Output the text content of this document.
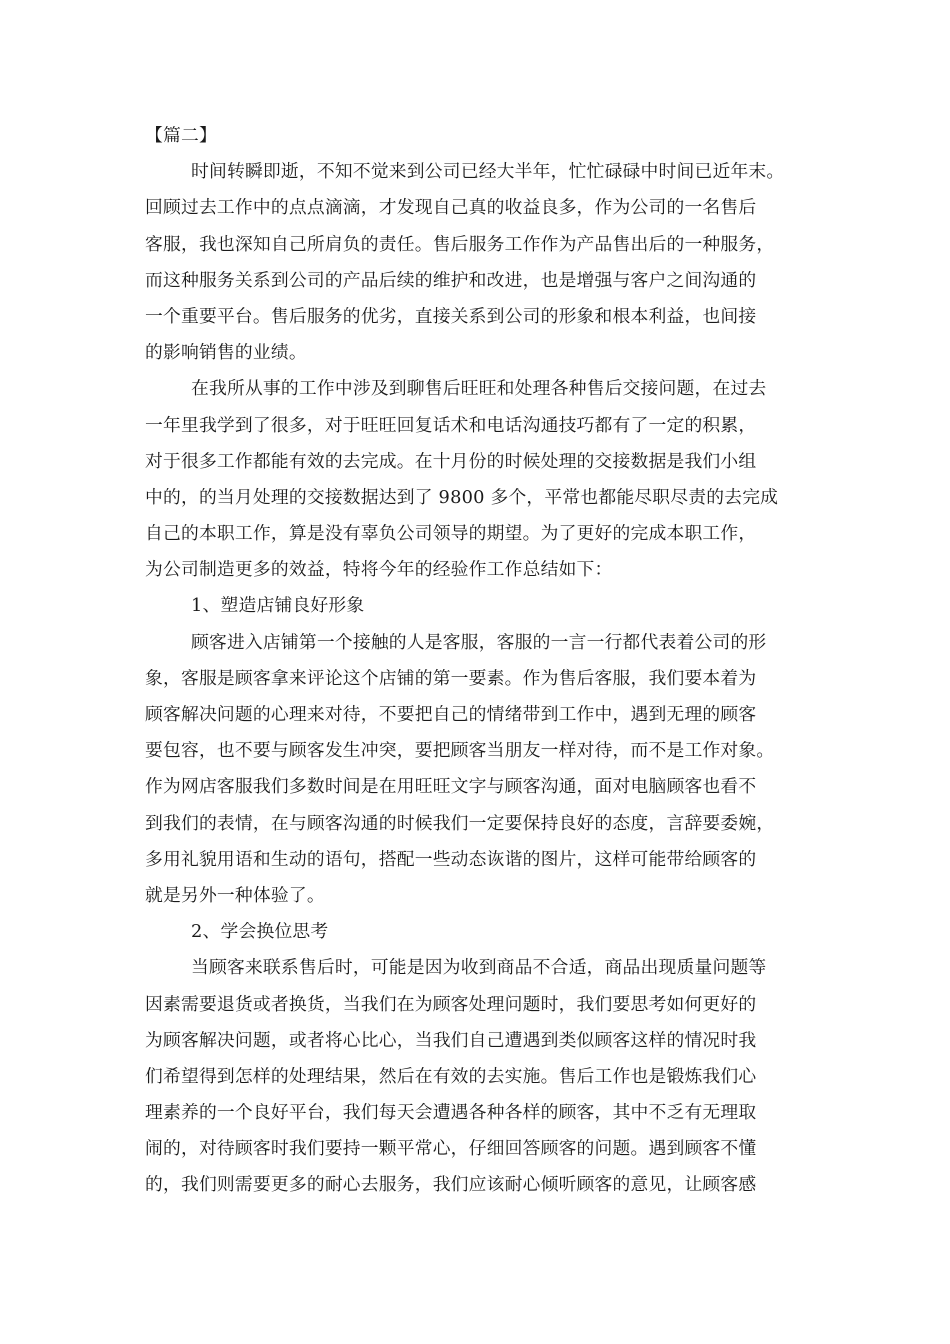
【篇二】
时间转瞬即逝，不知不觉来到公司已经大半年，忙忙碌碌中时间已近年末。
回顾过去工作中的点点滴滴，才发现自己真的收益良多，作为公司的一名售后
客服，我也深知自己所肩负的责任。售后服务工作作为产品售出后的一种服务，
而这种服务关系到公司的产品后续的维护和改进，也是增强与客户之间沟通的
一个重要平台。售后服务的优劣，直接关系到公司的形象和根本利益，也间接
的影响销售的业绩。
在我所从事的工作中涉及到聊售后旺旺和处理各种售后交接问题，在过去
一年里我学到了很多，对于旺旺回复话术和电话沟通技巧都有了一定的积累，
对于很多工作都能有效的去完成。在十月份的时候处理的交接数据是我们小组
中的，的当月处理的交接数据达到了 9800 多个，平常也都能尽职尽责的去完成
自己的本职工作，算是没有辜负公司领导的期望。为了更好的完成本职工作，
为公司制造更多的效益，特将今年的经验作工作总结如下：
1、塑造店铺良好形象
顾客进入店铺第一个接触的人是客服，客服的一言一行都代表着公司的形
象，客服是顾客拿来评论这个店铺的第一要素。作为售后客服，我们要本着为
顾客解决问题的心理来对待，不要把自己的情绪带到工作中，遇到无理的顾客
要包容，也不要与顾客发生冲突，要把顾客当朋友一样对待，而不是工作对象。
作为网店客服我们多数时间是在用旺旺文字与顾客沟通，面对电脑顾客也看不
到我们的表情，在与顾客沟通的时候我们一定要保持良好的态度，言辞要委婉，
多用礼貌用语和生动的语句，搭配一些动态诙谐的图片，这样可能带给顾客的
就是另外一种体验了。
2、学会换位思考
当顾客来联系售后时，可能是因为收到商品不合适，商品出现质量问题等
因素需要退货或者换货，当我们在为顾客处理问题时，我们要思考如何更好的
为顾客解决问题，或者将心比心，当我们自己遭遇到类似顾客这样的情况时我
们希望得到怎样的处理结果，然后在有效的去实施。售后工作也是锻炼我们心
理素养的一个良好平台，我们每天会遭遇各种各样的顾客，其中不乏有无理取
闹的，对待顾客时我们要持一颗平常心，仔细回答顾客的问题。遇到顾客不懂
的，我们则需要更多的耐心去服务，我们应该耐心倾听顾客的意见，让顾客感
